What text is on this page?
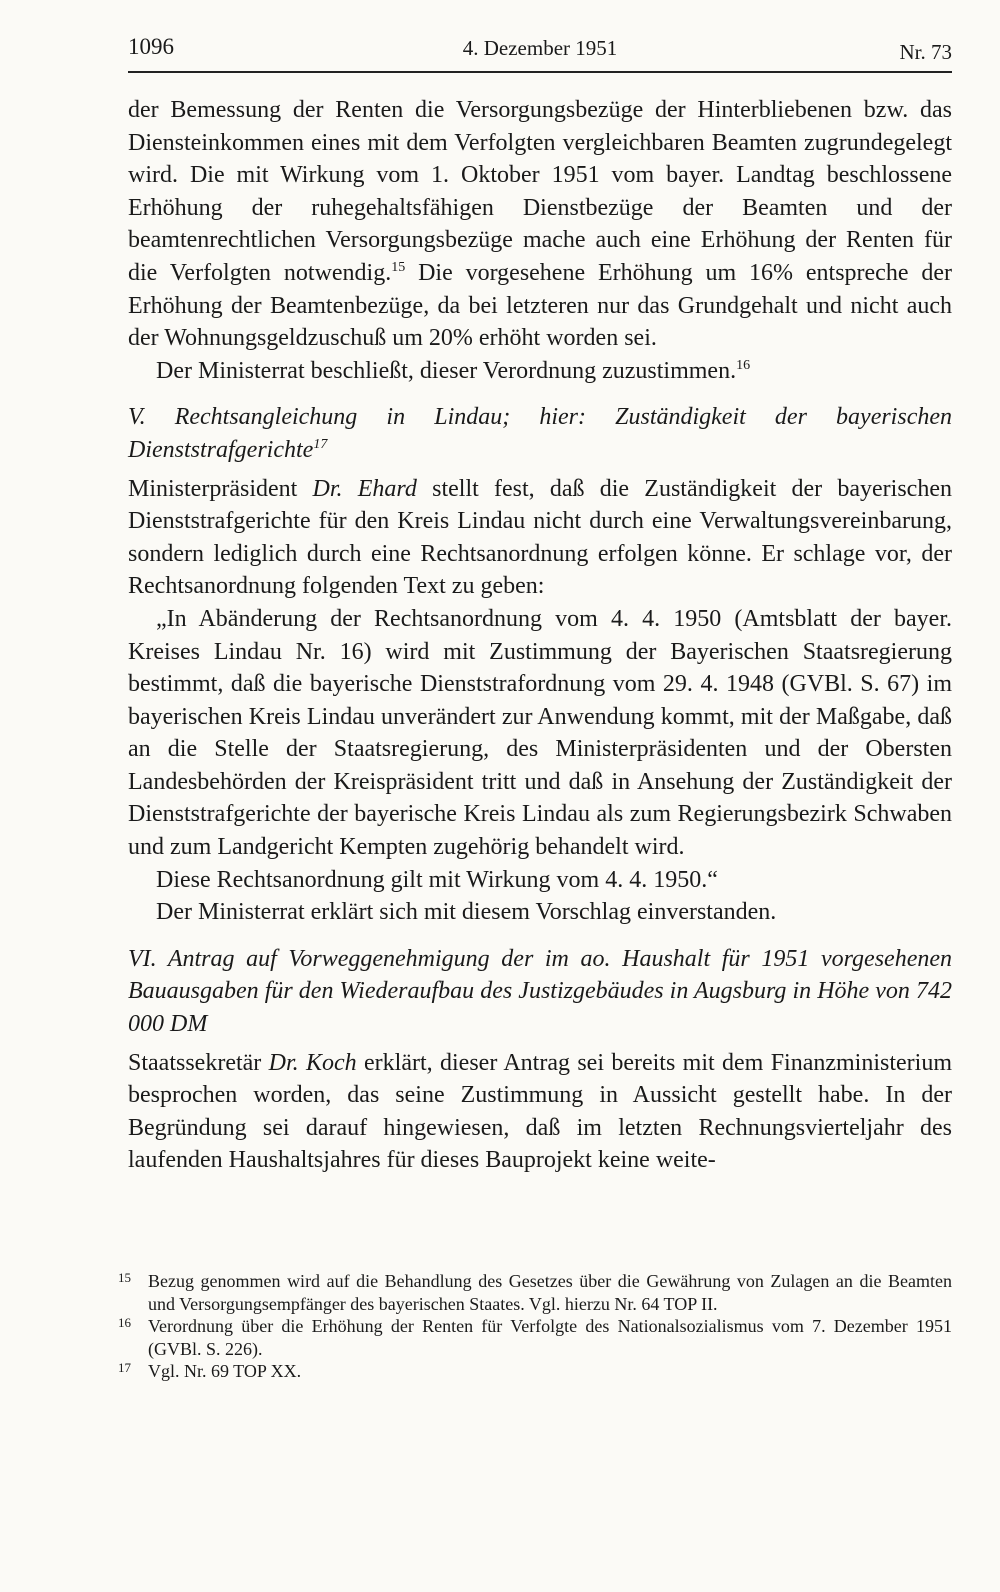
1096	4. Dezember 1951	Nr. 73

der Bemessung der Renten die Versorgungsbezüge der Hinterbliebenen bzw. das Diensteinkommen eines mit dem Verfolgten vergleichbaren Beamten zugrundegelegt wird. Die mit Wirkung vom 1. Oktober 1951 vom bayer. Landtag beschlossene Erhöhung der ruhegehaltsfähigen Dienstbezüge der Beamten und der beamtenrechtlichen Versorgungsbezüge mache auch eine Erhöhung der Renten für die Verfolgten notwendig.$^{15}$ Die vorgesehene Erhöhung um 16% entspreche der Erhöhung der Beamtenbezüge, da bei letzteren nur das Grundgehalt und nicht auch der Wohnungsgeldzuschuß um 20% erhöht worden sei.

Der Ministerrat beschließt, dieser Verordnung zuzustimmen.$^{16}$

V. Rechtsangleichung in Lindau; hier: Zuständigkeit der bayerischen Dienststrafgerichte$^{17}$

Ministerpräsident Dr. Ehard stellt fest, daß die Zuständigkeit der bayerischen Dienststrafgerichte für den Kreis Lindau nicht durch eine Verwaltungsvereinbarung, sondern lediglich durch eine Rechtsanordnung erfolgen könne. Er schlage vor, der Rechtsanordnung folgenden Text zu geben:

„In Abänderung der Rechtsanordnung vom 4. 4. 1950 (Amtsblatt der bayer. Kreises Lindau Nr. 16) wird mit Zustimmung der Bayerischen Staatsregierung bestimmt, daß die bayerische Dienststrafordnung vom 29. 4. 1948 (GVBl. S. 67) im bayerischen Kreis Lindau unverändert zur Anwendung kommt, mit der Maßgabe, daß an die Stelle der Staatsregierung, des Ministerpräsidenten und der Obersten Landesbehörden der Kreispräsident tritt und daß in Ansehung der Zuständigkeit der Dienststrafgerichte der bayerische Kreis Lindau als zum Regierungsbezirk Schwaben und zum Landgericht Kempten zugehörig behandelt wird.

Diese Rechtsanordnung gilt mit Wirkung vom 4. 4. 1950.“

Der Ministerrat erklärt sich mit diesem Vorschlag einverstanden.

VI. Antrag auf Vorweggenehmigung der im ao. Haushalt für 1951 vorgesehenen Bauausgaben für den Wiederaufbau des Justizgebäudes in Augsburg in Höhe von 742 000 DM

Staatssekretär Dr. Koch erklärt, dieser Antrag sei bereits mit dem Finanzministerium besprochen worden, das seine Zustimmung in Aussicht gestellt habe. In der Begründung sei darauf hingewiesen, daß im letzten Rechnungsvierteljahr des laufenden Haushaltsjahres für dieses Bauprojekt keine weite-

15 Bezug genommen wird auf die Behandlung des Gesetzes über die Gewährung von Zulagen an die Beamten und Versorgungsempfänger des bayerischen Staates. Vgl. hierzu Nr. 64 TOP II.

16 Verordnung über die Erhöhung der Renten für Verfolgte des Nationalsozialismus vom 7. Dezember 1951 (GVBl. S. 226).

17 Vgl. Nr. 69 TOP XX.
